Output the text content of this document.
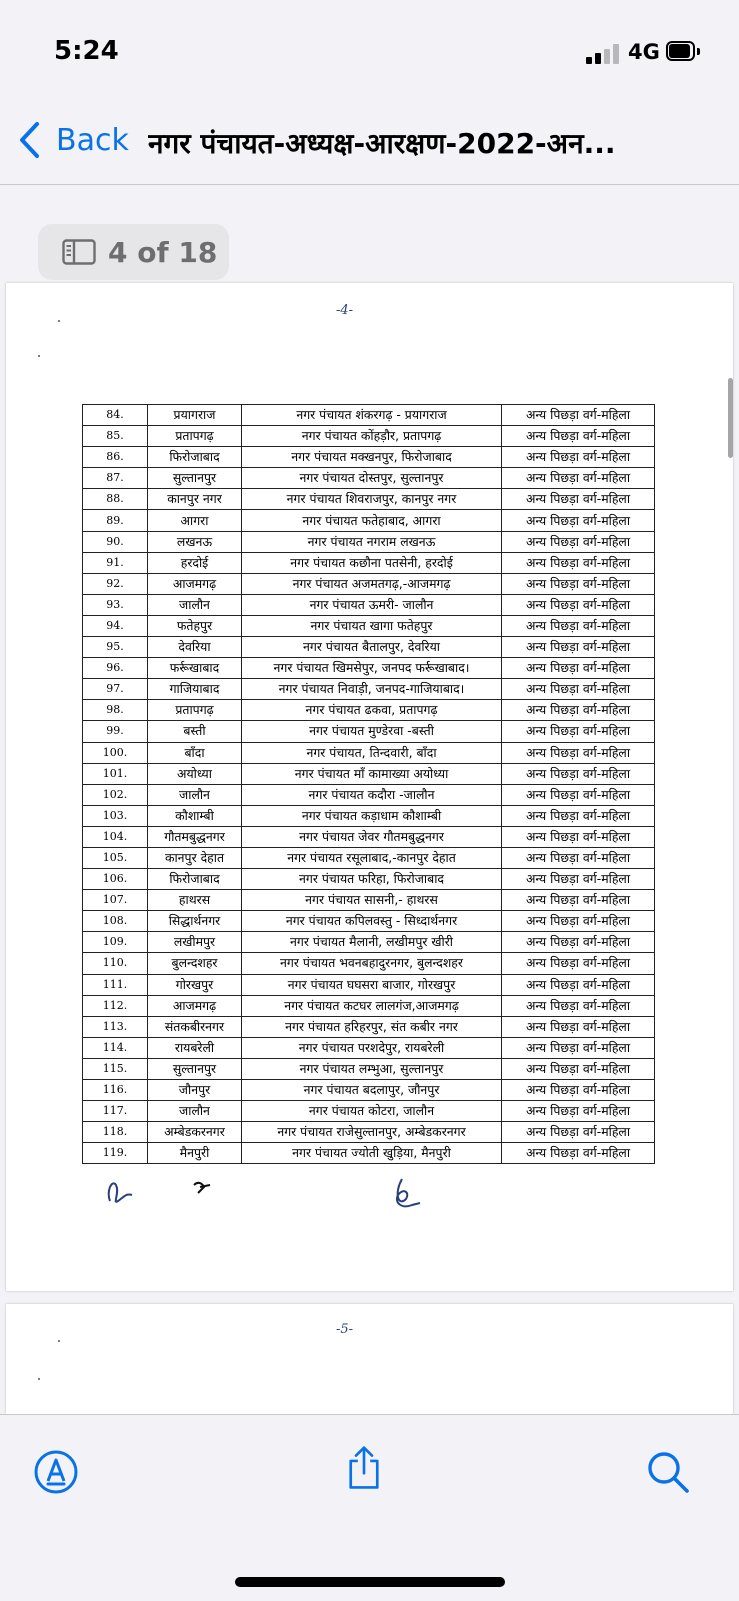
5:24	4G
Back नगर पंचायत-अध्यक्ष-आरक्षण-2022-अन...
4 of 18
-4-
84.	प्रयागराज	नगर पंचायत शंकरगढ़ - प्रयागराज	अन्य पिछड़ा वर्ग-महिला
85.	प्रतापगढ़	नगर पंचायत कोंहड़ौर, प्रतापगढ़	अन्य पिछड़ा वर्ग-महिला
86.	फिरोजाबाद	नगर पंचायत मक्खनपुर, फिरोजाबाद	अन्य पिछड़ा वर्ग-महिला
87.	सुल्तानपुर	नगर पंचायत दोस्तपुर, सुल्तानपुर	अन्य पिछड़ा वर्ग-महिला
88.	कानपुर नगर	नगर पंचायत शिवराजपुर, कानपुर नगर	अन्य पिछड़ा वर्ग-महिला
89.	आगरा	नगर पंचायत फतेहाबाद, आगरा	अन्य पिछड़ा वर्ग-महिला
90.	लखनऊ	नगर पंचायत नगराम लखनऊ	अन्य पिछड़ा वर्ग-महिला
91.	हरदोई	नगर पंचायत कछौना पतसेनी, हरदोई	अन्य पिछड़ा वर्ग-महिला
92.	आजमगढ़	नगर पंचायत अजमतगढ़,-आजमगढ़	अन्य पिछड़ा वर्ग-महिला
93.	जालौन	नगर पंचायत ऊमरी- जालौन	अन्य पिछड़ा वर्ग-महिला
94.	फतेहपुर	नगर पंचायत खागा फतेहपुर	अन्य पिछड़ा वर्ग-महिला
95.	देवरिया	नगर पंचायत बैतालपुर, देवरिया	अन्य पिछड़ा वर्ग-महिला
96.	फर्रूखाबाद	नगर पंचायत खिमसेपुर, जनपद फर्रूखाबाद।	अन्य पिछड़ा वर्ग-महिला
97.	गाजियाबाद	नगर पंचायत निवाड़ी, जनपद-गाजियाबाद।	अन्य पिछड़ा वर्ग-महिला
98.	प्रतापगढ़	नगर पंचायत ढकवा, प्रतापगढ़	अन्य पिछड़ा वर्ग-महिला
99.	बस्ती	नगर पंचायत मुण्डेरवा -बस्ती	अन्य पिछड़ा वर्ग-महिला
100.	बाँदा	नगर पंचायत, तिन्दवारी, बाँदा	अन्य पिछड़ा वर्ग-महिला
101.	अयोध्या	नगर पंचायत माँ कामाख्या अयोध्या	अन्य पिछड़ा वर्ग-महिला
102.	जालौन	नगर पंचायत कदौरा -जालौन	अन्य पिछड़ा वर्ग-महिला
103.	कौशाम्बी	नगर पंचायत कड़ाधाम कौशाम्बी	अन्य पिछड़ा वर्ग-महिला
104.	गौतमबुद्धनगर	नगर पंचायत जेवर गौतमबुद्धनगर	अन्य पिछड़ा वर्ग-महिला
105.	कानपुर देहात	नगर पंचायत रसूलाबाद,-कानपुर देहात	अन्य पिछड़ा वर्ग-महिला
106.	फिरोजाबाद	नगर पंचायत फरिहा, फिरोजाबाद	अन्य पिछड़ा वर्ग-महिला
107.	हाथरस	नगर पंचायत सासनी,- हाथरस	अन्य पिछड़ा वर्ग-महिला
108.	सिद्धार्थनगर	नगर पंचायत कपिलवस्तु - सिध्दार्थनगर	अन्य पिछड़ा वर्ग-महिला
109.	लखीमपुर	नगर पंचायत मैलानी, लखीमपुर खीरी	अन्य पिछड़ा वर्ग-महिला
110.	बुलन्दशहर	नगर पंचायत भवनबहादुरनगर, बुलन्दशहर	अन्य पिछड़ा वर्ग-महिला
111.	गोरखपुर	नगर पंचायत घघसरा बाजार, गोरखपुर	अन्य पिछड़ा वर्ग-महिला
112.	आजमगढ़	नगर पंचायत कटघर लालगंज,आजमगढ़	अन्य पिछड़ा वर्ग-महिला
113.	संतकबीरनगर	नगर पंचायत हरिहरपुर, संत कबीर नगर	अन्य पिछड़ा वर्ग-महिला
114.	रायबरेली	नगर पंचायत परशदेपुर, रायबरेली	अन्य पिछड़ा वर्ग-महिला
115.	सुल्तानपुर	नगर पंचायत लम्भुआ, सुल्तानपुर	अन्य पिछड़ा वर्ग-महिला
116.	जौनपुर	नगर पंचायत बदलापुर, जौनपुर	अन्य पिछड़ा वर्ग-महिला
117.	जालौन	नगर पंचायत कोटरा, जालौन	अन्य पिछड़ा वर्ग-महिला
118.	अम्बेडकरनगर	नगर पंचायत राजेसुल्तानपुर, अम्बेडकरनगर	अन्य पिछड़ा वर्ग-महिला
119.	मैनपुरी	नगर पंचायत ज्योती खुड़िया, मैनपुरी	अन्य पिछड़ा वर्ग-महिला
-5-
